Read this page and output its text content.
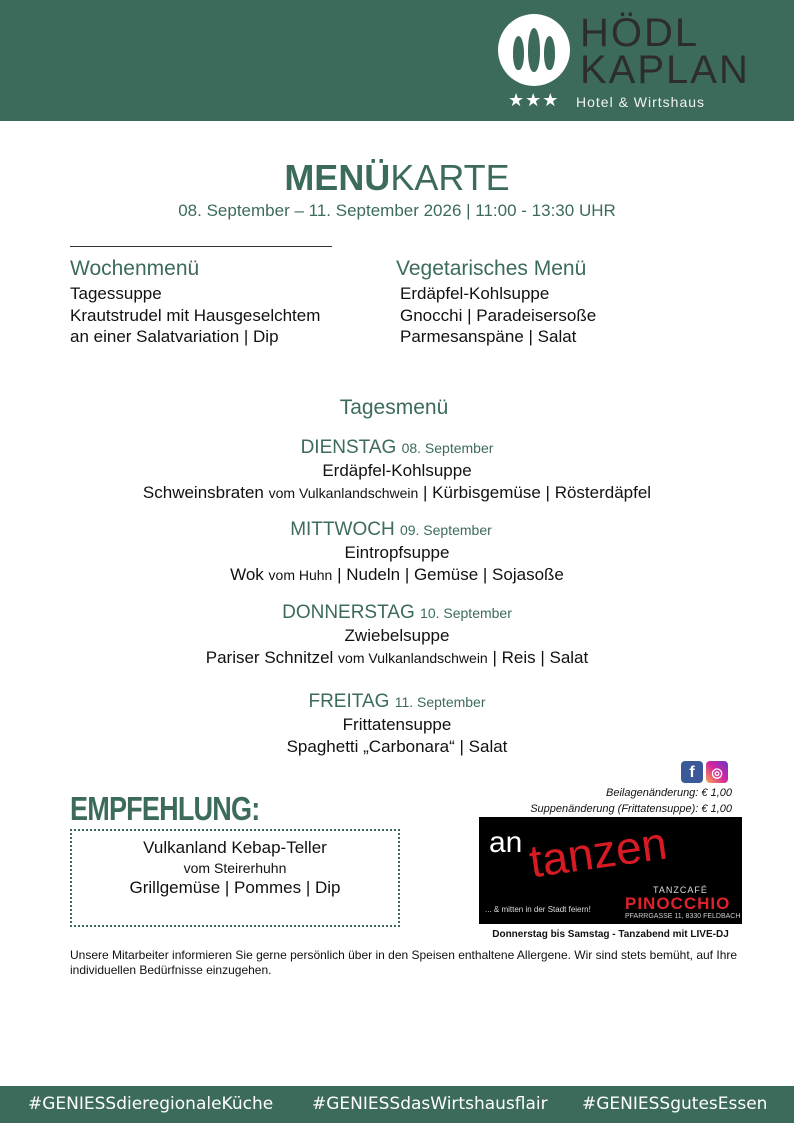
★★★
HÖDL
KAPLAN
Hotel & Wirtshaus
MENÜKARTE
08. September – 11. September 2026 | 11:00 - 13:30 UHR
Wochenmenü
Tagessuppe
Krautstrudel mit Hausgeselchtem
an einer Salatvariation | Dip
Vegetarisches Menü
Erdäpfel-Kohlsuppe
Gnocchi | Paradeisersoße
Parmesanspäne | Salat
Tagesmenü
DIENSTAG 08. September
Erdäpfel-Kohlsuppe
Schweinsbraten vom Vulkanlandschwein | Kürbisgemüse | Rösterdäpfel
MITTWOCH 09. September
Eintropfsuppe
Wok vom Huhn | Nudeln | Gemüse | Sojasoße
DONNERSTAG 10. September
Zwiebelsuppe
Pariser Schnitzel vom Vulkanlandschwein | Reis | Salat
FREITAG 11. September
Frittatensuppe
Spaghetti „Carbonara“ | Salat
f	◎
Beilagenänderung: € 1,00
Suppenänderung (Frittatensuppe): € 1,00
EMPFEHLUNG:
Vulkanland Kebap-Teller
vom Steirerhuhn
Grillgemüse | Pommes | Dip
an tanzen
TANZCAFÉ
PINOCCHIO
... & mitten in der Stadt feiern!
PFARRGASSE 11, 8330 FELDBACH
Donnerstag bis Samstag - Tanzabend mit LIVE-DJ
Unsere Mitarbeiter informieren Sie gerne persönlich über in den Speisen enthaltene Allergene. Wir sind stets bemüht, auf Ihre individuellen Bedürfnisse einzugehen.
#GENIESSdieregionaleKüche #GENIESSdasWirtshausflair #GENIESSgutesEssen
